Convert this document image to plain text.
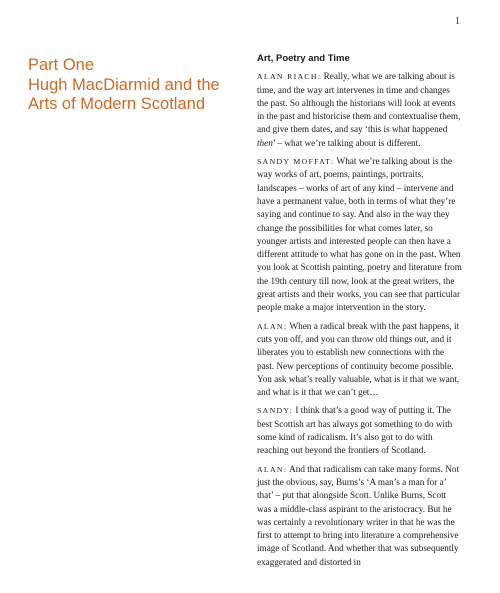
1
Part One
Hugh MacDiarmid and the Arts of Modern Scotland
Art, Poetry and Time

ALAN RIACH: Really, what we are talking about is time, and the way art intervenes in time and changes the past. So although the historians will look at events in the past and historicise them and contextualise them, and give them dates, and say ‘this is what happened then’ – what we’re talking about is different.

SANDY MOFFAT: What we’re talking about is the way works of art, poems, paintings, portraits, landscapes – works of art of any kind – intervene and have a permanent value, both in terms of what they’re saying and continue to say. And also in the way they change the possibilities for what comes later, so younger artists and interested people can then have a different attitude to what has gone on in the past. When you look at Scottish painting, poetry and literature from the 19th century till now, look at the great writers, the great artists and their works, you can see that particular people make a major intervention in the story.

ALAN: When a radical break with the past happens, it cuts you off, and you can throw old things out, and it liberates you to establish new connections with the past. New perceptions of continuity become possible. You ask what’s really valuable, what is it that we want, and what is it that we can’t get…

SANDY: I think that’s a good way of putting it. The best Scottish art has always got something to do with some kind of radicalism. It’s also got to do with reaching out beyond the frontiers of Scotland.

ALAN: And that radicalism can take many forms. Not just the obvious, say, Burns’s ‘A man’s a man for a’ that’ – put that alongside Scott. Unlike Burns, Scott was a middle-class aspirant to the aristocracy. But he was certainly a revolutionary writer in that he was the first to attempt to bring into literature a comprehensive image of Scotland. And whether that was subsequently exaggerated and distorted in
